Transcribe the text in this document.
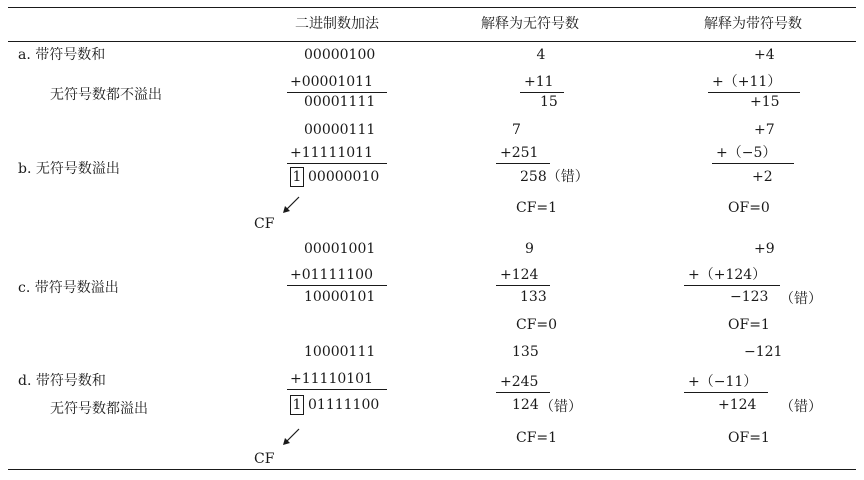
二进制数加法	解释为无符号数	解释为带符号数
a. 带符号数和
无符号数都不溢出
00000100
+00001011
00001111
4
+11
15
+4
+（+11）
+15
00000111
b. 无符号数溢出
+11111011
1 00000010
CF
7
+251
258（错）
CF=1
+7
+（−5）
+2
OF=0
00001001
c. 带符号数溢出
+01111100
10000101
9
+124
133
CF=0
+9
+（+124）
−123 （错）
OF=1
10000111
d. 带符号数和
无符号数都溢出
+11110101
1 01111100
CF
135
+245
124 （错）
CF=1
−121
+（−11）
+124 （错）
OF=1
